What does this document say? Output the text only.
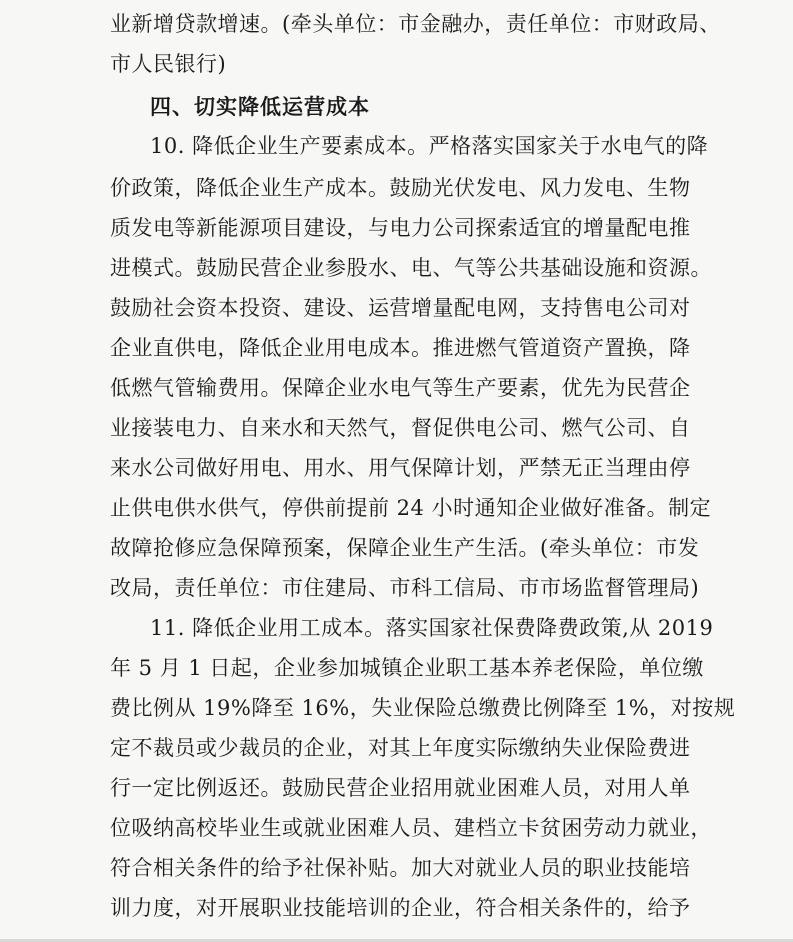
业新增贷款增速。(牵头单位：市金融办，责任单位：市财政局、
市人民银行)
四、切实降低运营成本
10. 降低企业生产要素成本。严格落实国家关于水电气的降
价政策，降低企业生产成本。鼓励光伏发电、风力发电、生物
质发电等新能源项目建设，与电力公司探索适宜的增量配电推
进模式。鼓励民营企业参股水、电、气等公共基础设施和资源。
鼓励社会资本投资、建设、运营增量配电网，支持售电公司对
企业直供电，降低企业用电成本。推进燃气管道资产置换，降
低燃气管输费用。保障企业水电气等生产要素，优先为民营企
业接装电力、自来水和天然气，督促供电公司、燃气公司、自
来水公司做好用电、用水、用气保障计划，严禁无正当理由停
止供电供水供气，停供前提前 24 小时通知企业做好准备。制定
故障抢修应急保障预案，保障企业生产生活。(牵头单位：市发
改局，责任单位：市住建局、市科工信局、市市场监督管理局)
11. 降低企业用工成本。落实国家社保费降费政策,从 2019
年 5 月 1 日起，企业参加城镇企业职工基本养老保险，单位缴
费比例从 19%降至 16%，失业保险总缴费比例降至 1%，对按规
定不裁员或少裁员的企业，对其上年度实际缴纳失业保险费进
行一定比例返还。鼓励民营企业招用就业困难人员，对用人单
位吸纳高校毕业生或就业困难人员、建档立卡贫困劳动力就业，
符合相关条件的给予社保补贴。加大对就业人员的职业技能培
训力度，对开展职业技能培训的企业，符合相关条件的，给予
